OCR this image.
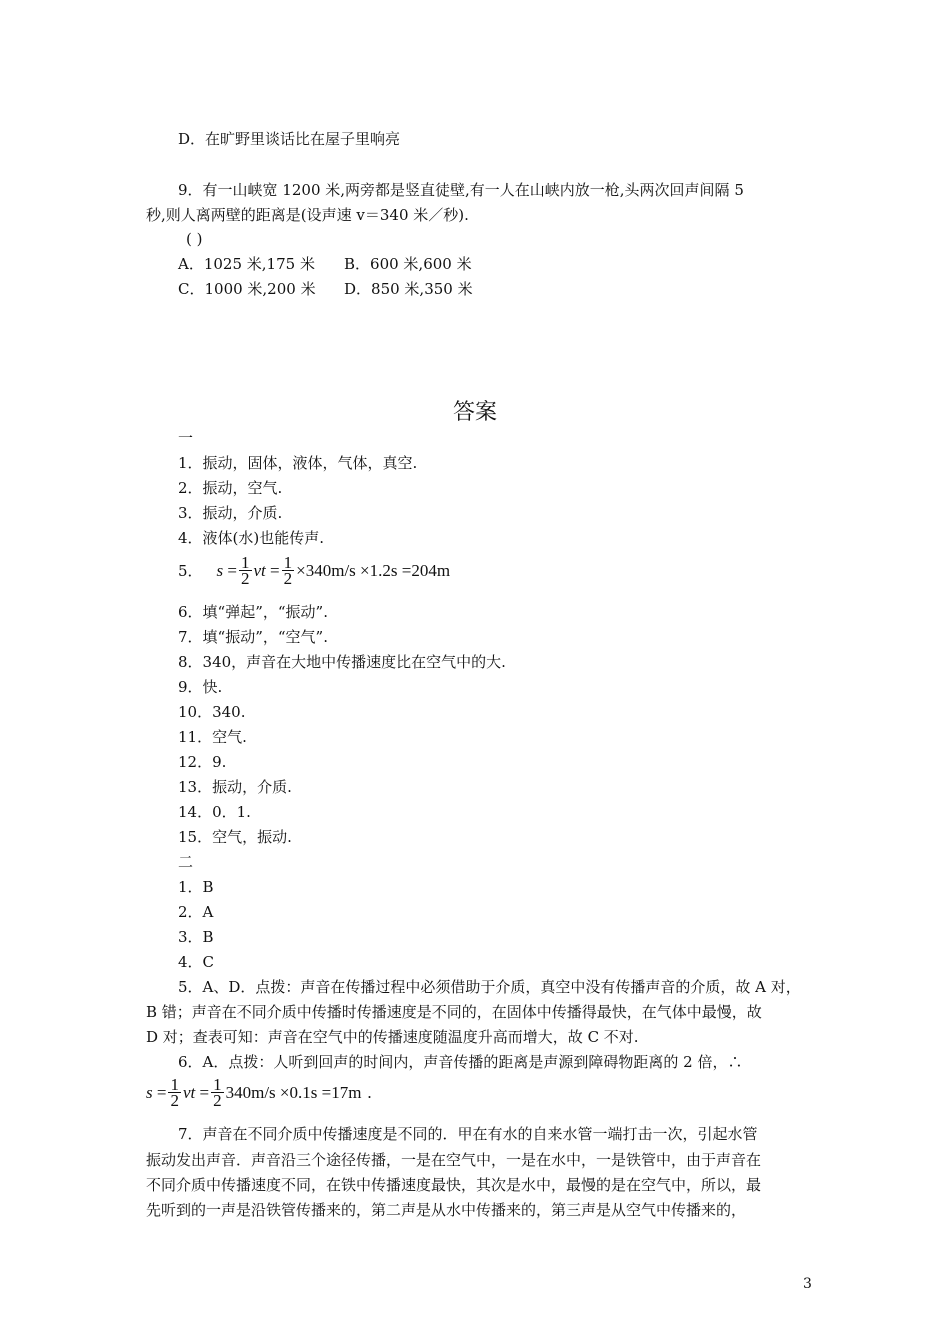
D．在旷野里谈话比在屋子里响亮
9．有一山峡宽 1200 米,两旁都是竖直徒壁,有一人在山峡内放一枪,头两次回声间隔 5
秒,则人离两壁的距离是(设声速 v＝340 米／秒).
( )
A．1025 米,175 米 B．600 米,600 米
C．1000 米,200 米 D．850 米,350 米
答案
一
1．振动，固体，液体，气体，真空.
2．振动，空气.
3．振动，介质.
4．液体(水)也能传声.
5． $s = \frac{1}{2}$ vt = $\frac{1}{2} \times 340m/s \times 1.2s =204m$
6．填“弹起”，“振动”.
7．填“振动”，“空气”.
8．340，声音在大地中传播速度比在空气中的大.
9．快.
10．340.
11．空气.
12．9.
13．振动，介质.
14．0．1.
15．空气，振动.
二
1．B
2．A
3．B
4．C
5．A、D．点拨：声音在传播过程中必须借助于介质，真空中没有传播声音的介质，故 A 对，
B 错；声音在不同介质中传播时传播速度是不同的，在固体中传播得最快，在气体中最慢，故
D 对；查表可知：声音在空气中的传播速度随温度升高而增大，故 C 不对.
6．A．点拨：人听到回声的时间内，声音传播的距离是声源到障碍物距离的 2 倍，∴
$s = \frac{1}{2}$ vt = $\frac{1}{2} 340m/s \times 0.1s =17m$ .
7．声音在不同介质中传播速度是不同的．甲在有水的自来水管一端打击一次，引起水管
振动发出声音．声音沿三个途径传播，一是在空气中，一是在水中，一是铁管中，由于声音在
不同介质中传播速度不同，在铁中传播速度最快，其次是水中，最慢的是在空气中，所以，最
先听到的一声是沿铁管传播来的，第二声是从水中传播来的，第三声是从空气中传播来的，
3
